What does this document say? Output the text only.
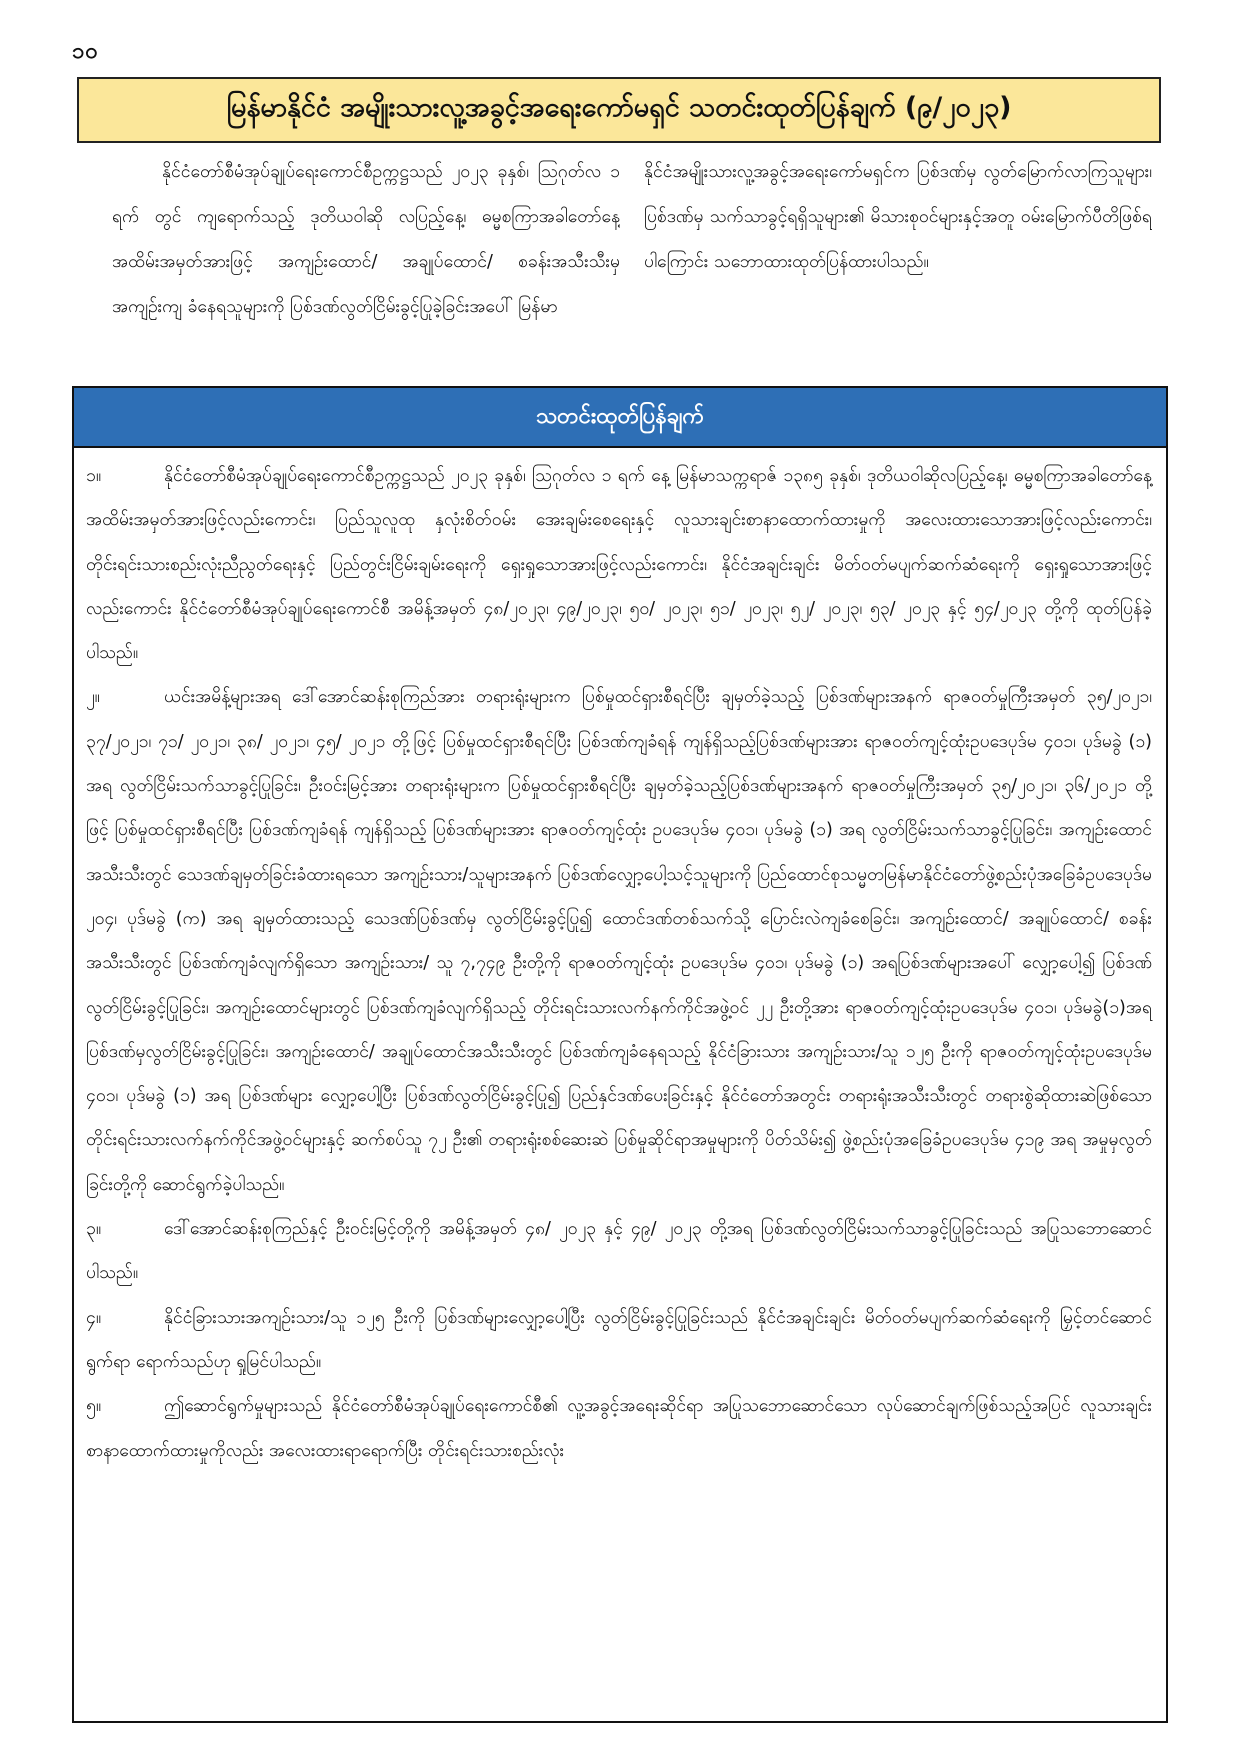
၁၀
မြန်မာနိုင်ငံ အမျိုးသားလူ့အခွင့်အရေးကော်မရှင် သတင်းထုတ်ပြန်ချက် (၉/၂၀၂၃)

နိုင်ငံတော်စီမံအုပ်ချုပ်ရေးကောင်စီဥက္ကဋ္ဌသည် ၂၀၂၃ ခုနှစ်၊ ဩဂုတ်လ ၁ ရက် တွင် ကျရောက်သည့် ဒုတိယဝါဆို လပြည့်နေ့၊ ဓမ္မစကြာအခါတော်နေ့ အထိမ်းအမှတ်အားဖြင့် အကျဉ်းထောင်/ အချုပ်ထောင်/ စခန်းအသီးသီးမှ အကျဉ်းကျ ခံနေရသူများကို ပြစ်ဒဏ်လွတ်ငြိမ်းခွင့်ပြုခဲ့ခြင်းအပေါ် မြန်မာ

နိုင်ငံအမျိုးသားလူ့အခွင့်အရေးကော်မရှင်က ပြစ်ဒဏ်မှ လွတ်မြောက်လာကြသူများ၊ ပြစ်ဒဏ်မှ သက်သာခွင့်ရရှိသူများ၏ မိသားစုဝင်များနှင့်အတူ ဝမ်းမြောက်ပီတိဖြစ်ရပါကြောင်း သဘောထားထုတ်ပြန်ထားပါသည်။

သတင်းထုတ်ပြန်ချက်

၁။	နိုင်ငံတော်စီမံအုပ်ချုပ်ရေးကောင်စီဥက္ကဋ္ဌသည် ၂၀၂၃ ခုနှစ်၊ ဩဂုတ်လ ၁ ရက် နေ့ မြန်မာသက္ကရာဇ် ၁၃၈၅ ခုနှစ်၊ ဒုတိယဝါဆိုလပြည့်နေ့၊ ဓမ္မစကြာအခါတော်နေ့ အထိမ်းအမှတ်အားဖြင့်လည်းကောင်း၊ ပြည်သူလူထု နှလုံးစိတ်ဝမ်း အေးချမ်းစေရေးနှင့် လူသားချင်းစာနာထောက်ထားမှုကို အလေးထားသောအားဖြင့်လည်းကောင်း၊ တိုင်းရင်းသားစည်းလုံးညီညွတ်ရေးနှင့် ပြည်တွင်းငြိမ်းချမ်းရေးကို ရှေးရှုသောအားဖြင့်လည်းကောင်း၊ နိုင်ငံအချင်းချင်း မိတ်ဝတ်မပျက်ဆက်ဆံရေးကို ရှေးရှုသောအားဖြင့် လည်းကောင်း နိုင်ငံတော်စီမံအုပ်ချုပ်ရေးကောင်စီ အမိန့်အမှတ် ၄၈/၂၀၂၃၊ ၄၉/၂၀၂၃၊ ၅၀/ ၂၀၂၃၊ ၅၁/ ၂၀၂၃၊ ၅၂/ ၂၀၂၃၊ ၅၃/ ၂၀၂၃ နှင့် ၅၄/၂၀၂၃ တို့ကို ထုတ်ပြန်ခဲ့ပါသည်။

၂။	ယင်းအမိန့်များအရ ဒေါ်အောင်ဆန်းစုကြည်အား တရားရုံးများက ပြစ်မှုထင်ရှားစီရင်ပြီး ချမှတ်ခဲ့သည့် ပြစ်ဒဏ်များအနက် ရာဇဝတ်မှုကြီးအမှတ် ၃၅/၂၀၂၁၊ ၃၇/၂၀၂၁၊ ၇၁/ ၂၀၂၁၊ ၃၈/ ၂၀၂၁၊ ၄၅/ ၂၀၂၁ တို့ဖြင့် ပြစ်မှုထင်ရှားစီရင်ပြီး ပြစ်ဒဏ်ကျခံရန် ကျန်ရှိသည့်ပြစ်ဒဏ်များအား ရာဇဝတ်ကျင့်ထုံးဥပဒေပုဒ်မ ၄၀၁၊ ပုဒ်မခွဲ (၁) အရ လွတ်ငြိမ်းသက်သာခွင့်ပြုခြင်း၊ ဦးဝင်းမြင့်အား တရားရုံးများက ပြစ်မှုထင်ရှားစီရင်ပြီး ချမှတ်ခဲ့သည့်ပြစ်ဒဏ်များအနက် ရာဇဝတ်မှုကြီးအမှတ် ၃၅/၂၀၂၁၊ ၃၆/၂၀၂၁ တို့ဖြင့် ပြစ်မှုထင်ရှားစီရင်ပြီး ပြစ်ဒဏ်ကျခံရန် ကျန်ရှိသည့် ပြစ်ဒဏ်များအား ရာဇဝတ်ကျင့်ထုံး ဥပဒေပုဒ်မ ၄၀၁၊ ပုဒ်မခွဲ (၁) အရ လွတ်ငြိမ်းသက်သာခွင့်ပြုခြင်း၊ အကျဉ်းထောင်အသီးသီးတွင် သေဒဏ်ချမှတ်ခြင်းခံထားရသော အကျဉ်းသား/သူများအနက် ပြစ်ဒဏ်လျှော့ပေါ့သင့်သူများကို ပြည်ထောင်စုသမ္မတမြန်မာနိုင်ငံတော်ဖွဲ့စည်းပုံအခြေခံဥပဒေပုဒ်မ ၂၀၄၊ ပုဒ်မခွဲ (က) အရ ချမှတ်ထားသည့် သေဒဏ်ပြစ်ဒဏ်မှ လွတ်ငြိမ်းခွင့်ပြု၍ ထောင်ဒဏ်တစ်သက်သို့ ပြောင်းလဲကျခံစေခြင်း၊ အကျဉ်းထောင်/ အချုပ်ထောင်/ စခန်းအသီးသီးတွင် ပြစ်ဒဏ်ကျခံလျက်ရှိသော အကျဉ်းသား/ သူ ၇,၇၄၉ ဦးတို့ကို ရာဇဝတ်ကျင့်ထုံး ဥပဒေပုဒ်မ ၄၀၁၊ ပုဒ်မခွဲ (၁) အရပြစ်ဒဏ်များအပေါ် လျှော့ပေါ့၍ ပြစ်ဒဏ်လွတ်ငြိမ်းခွင့်ပြုခြင်း၊ အကျဉ်းထောင်များတွင် ပြစ်ဒဏ်ကျခံလျက်ရှိသည့် တိုင်းရင်းသားလက်နက်ကိုင်အဖွဲ့ဝင် ၂၂ ဦးတို့အား ရာဇဝတ်ကျင့်ထုံးဥပဒေပုဒ်မ ၄၀၁၊ ပုဒ်မခွဲ(၁)အရ ပြစ်ဒဏ်မှလွတ်ငြိမ်းခွင့်ပြုခြင်း၊ အကျဉ်းထောင်/ အချုပ်ထောင်အသီးသီးတွင် ပြစ်ဒဏ်ကျခံနေရသည့် နိုင်ငံခြားသား အကျဉ်းသား/သူ ၁၂၅ ဦးကို ရာဇဝတ်ကျင့်ထုံးဥပဒေပုဒ်မ ၄၀၁၊ ပုဒ်မခွဲ (၁) အရ ပြစ်ဒဏ်များ လျှော့ပေါ့ပြီး ပြစ်ဒဏ်လွတ်ငြိမ်းခွင့်ပြု၍ ပြည်နှင်ဒဏ်ပေးခြင်းနှင့် နိုင်ငံတော်အတွင်း တရားရုံးအသီးသီးတွင် တရားစွဲဆိုထားဆဲဖြစ်သော တိုင်းရင်းသားလက်နက်ကိုင်အဖွဲ့ဝင်များနှင့် ဆက်စပ်သူ ၇၂ ဦး၏ တရားရုံးစစ်ဆေးဆဲ ပြစ်မှုဆိုင်ရာအမှုများကို ပိတ်သိမ်း၍ ဖွဲ့စည်းပုံအခြေခံဥပဒေပုဒ်မ ၄၁၉ အရ အမှုမှလွတ်ခြင်းတို့ကို ဆောင်ရွက်ခဲ့ပါသည်။

၃။	ဒေါ်အောင်ဆန်းစုကြည်နှင့် ဦးဝင်းမြင့်တို့ကို အမိန့်အမှတ် ၄၈/ ၂၀၂၃ နှင့် ၄၉/ ၂၀၂၃ တို့အရ ပြစ်ဒဏ်လွတ်ငြိမ်းသက်သာခွင့်ပြုခြင်းသည် အပြုသဘောဆောင်ပါသည်။

၄။	နိုင်ငံခြားသားအကျဉ်းသား/သူ ၁၂၅ ဦးကို ပြစ်ဒဏ်များလျှော့ပေါ့ပြီး လွတ်ငြိမ်းခွင့်ပြုခြင်းသည် နိုင်ငံအချင်းချင်း မိတ်ဝတ်မပျက်ဆက်ဆံရေးကို မြှင့်တင်ဆောင်ရွက်ရာ ရောက်သည်ဟု ရှုမြင်ပါသည်။

၅။	ဤဆောင်ရွက်မှုများသည် နိုင်ငံတော်စီမံအုပ်ချုပ်ရေးကောင်စီ၏ လူ့အခွင့်အရေးဆိုင်ရာ အပြုသဘောဆောင်သော လုပ်ဆောင်ချက်ဖြစ်သည့်အပြင် လူသားချင်းစာနာထောက်ထားမှုကိုလည်း အလေးထားရာရောက်ပြီး တိုင်းရင်းသားစည်းလုံး
